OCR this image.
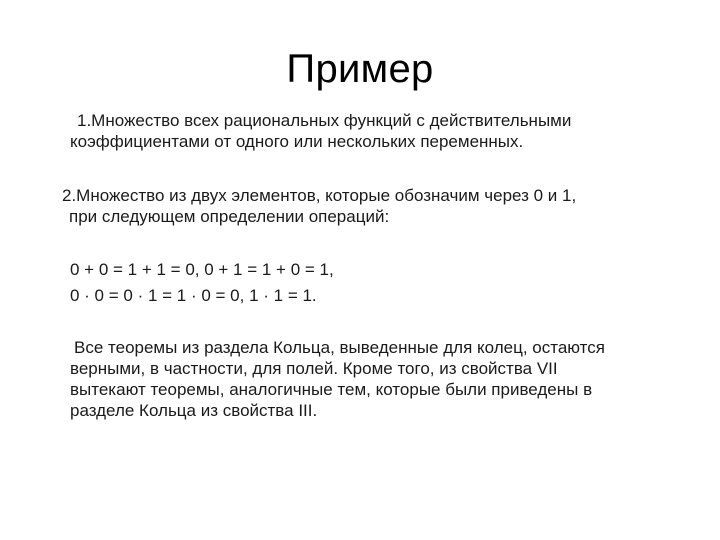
Пример
1.Множество всех рациональных функций с действительными
коэффициентами от одного или нескольких переменных.
2.Множество из двух элементов, которые обозначим через 0 и 1,
при следующем определении операций:
0 + 0 = 1 + 1 = 0, 0 + 1 = 1 + 0 = 1,
0 · 0 = 0 · 1 = 1 · 0 = 0, 1 · 1 = 1.
Все теоремы из раздела Кольца, выведенные для колец, остаются
верными, в частности, для полей. Кроме того, из свойства VII
вытекают теоремы, аналогичные тем, которые были приведены в
разделе Кольца из свойства III.
